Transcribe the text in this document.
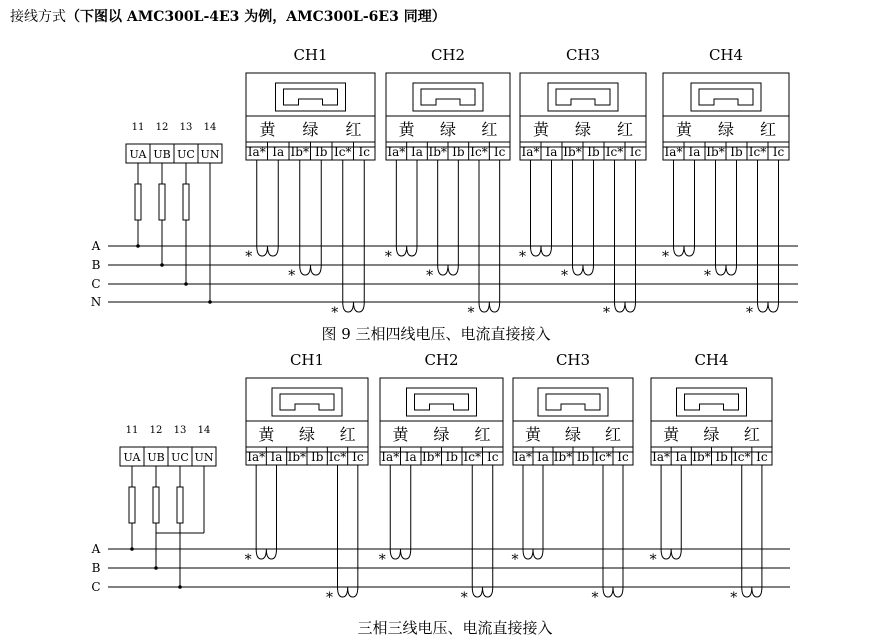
接线方式（下图以 AMC300L-4E3 为例，AMC300L-6E3 同理）
A
B
C
N
CH1
黄 绿 红
Ia* Ia Ib* Ib Ic* Ic
*
*
*
CH2
黄 绿 红
Ia* Ia Ib* Ib Ic* Ic
*
*
*
CH3
黄 绿 红
Ia* Ia Ib* Ib Ic* Ic
*
*
*
CH4
黄 绿 红
Ia* Ia Ib* Ib Ic* Ic
*
*
*
11 12 13 14
UA UB UC UN
图 9 三相四线电压、电流直接接入
A
B
C
CH1
黄 绿 红
Ia* Ia Ib* Ib Ic* Ic
*
*
CH2
黄 绿 红
Ia* Ia Ib* Ib Ic* Ic
*
*
CH3
黄 绿 红
Ia* Ia Ib* Ib Ic* Ic
*
*
CH4
黄 绿 红
Ia* Ia Ib* Ib Ic* Ic
*
*
11 12 13 14
UA UB UC UN
三相三线电压、电流直接接入
